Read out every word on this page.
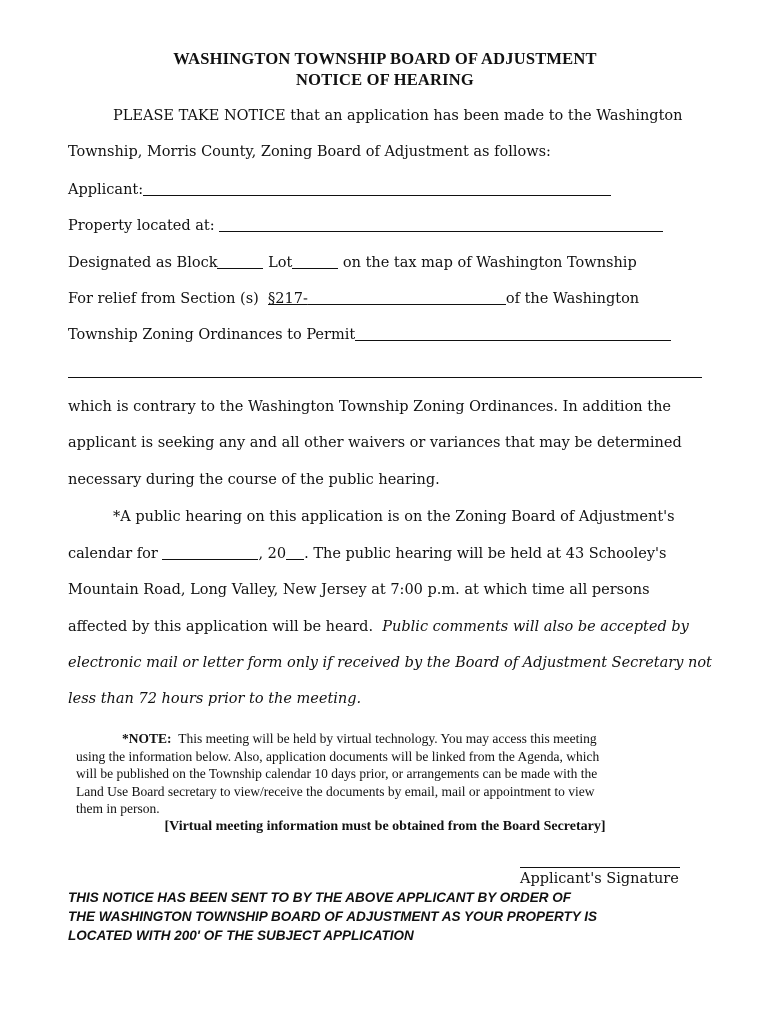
WASHINGTON TOWNSHIP BOARD OF ADJUSTMENT
NOTICE OF HEARING
PLEASE TAKE NOTICE that an application has been made to the Washington
Township, Morris County, Zoning Board of Adjustment as follows:
Applicant:
Property located at:
Designated as Block	Lot	on the tax map of Washington Township
For relief from Section (s) §217-	of the Washington
Township Zoning Ordinances to Permit
which is contrary to the Washington Township Zoning Ordinances. In addition the
applicant is seeking any and all other waivers or variances that may be determined
necessary during the course of the public hearing.
*A public hearing on this application is on the Zoning Board of Adjustment's
calendar for	, 20 . The public hearing will be held at 43 Schooley's
Mountain Road, Long Valley, New Jersey at 7:00 p.m. at which time all persons
affected by this application will be heard. Public comments will also be accepted by
electronic mail or letter form only if received by the Board of Adjustment Secretary not
less than 72 hours prior to the meeting.
*NOTE: This meeting will be held by virtual technology. You may access this meeting
using the information below. Also, application documents will be linked from the Agenda, which
will be published on the Township calendar 10 days prior, or arrangements can be made with the
Land Use Board secretary to view/receive the documents by email, mail or appointment to view
them in person.
[Virtual meeting information must be obtained from the Board Secretary]
Applicant's Signature
THIS NOTICE HAS BEEN SENT TO BY THE ABOVE APPLICANT BY ORDER OF
THE WASHINGTON TOWNSHIP BOARD OF ADJUSTMENT AS YOUR PROPERTY IS
LOCATED WITH 200' OF THE SUBJECT APPLICATION
